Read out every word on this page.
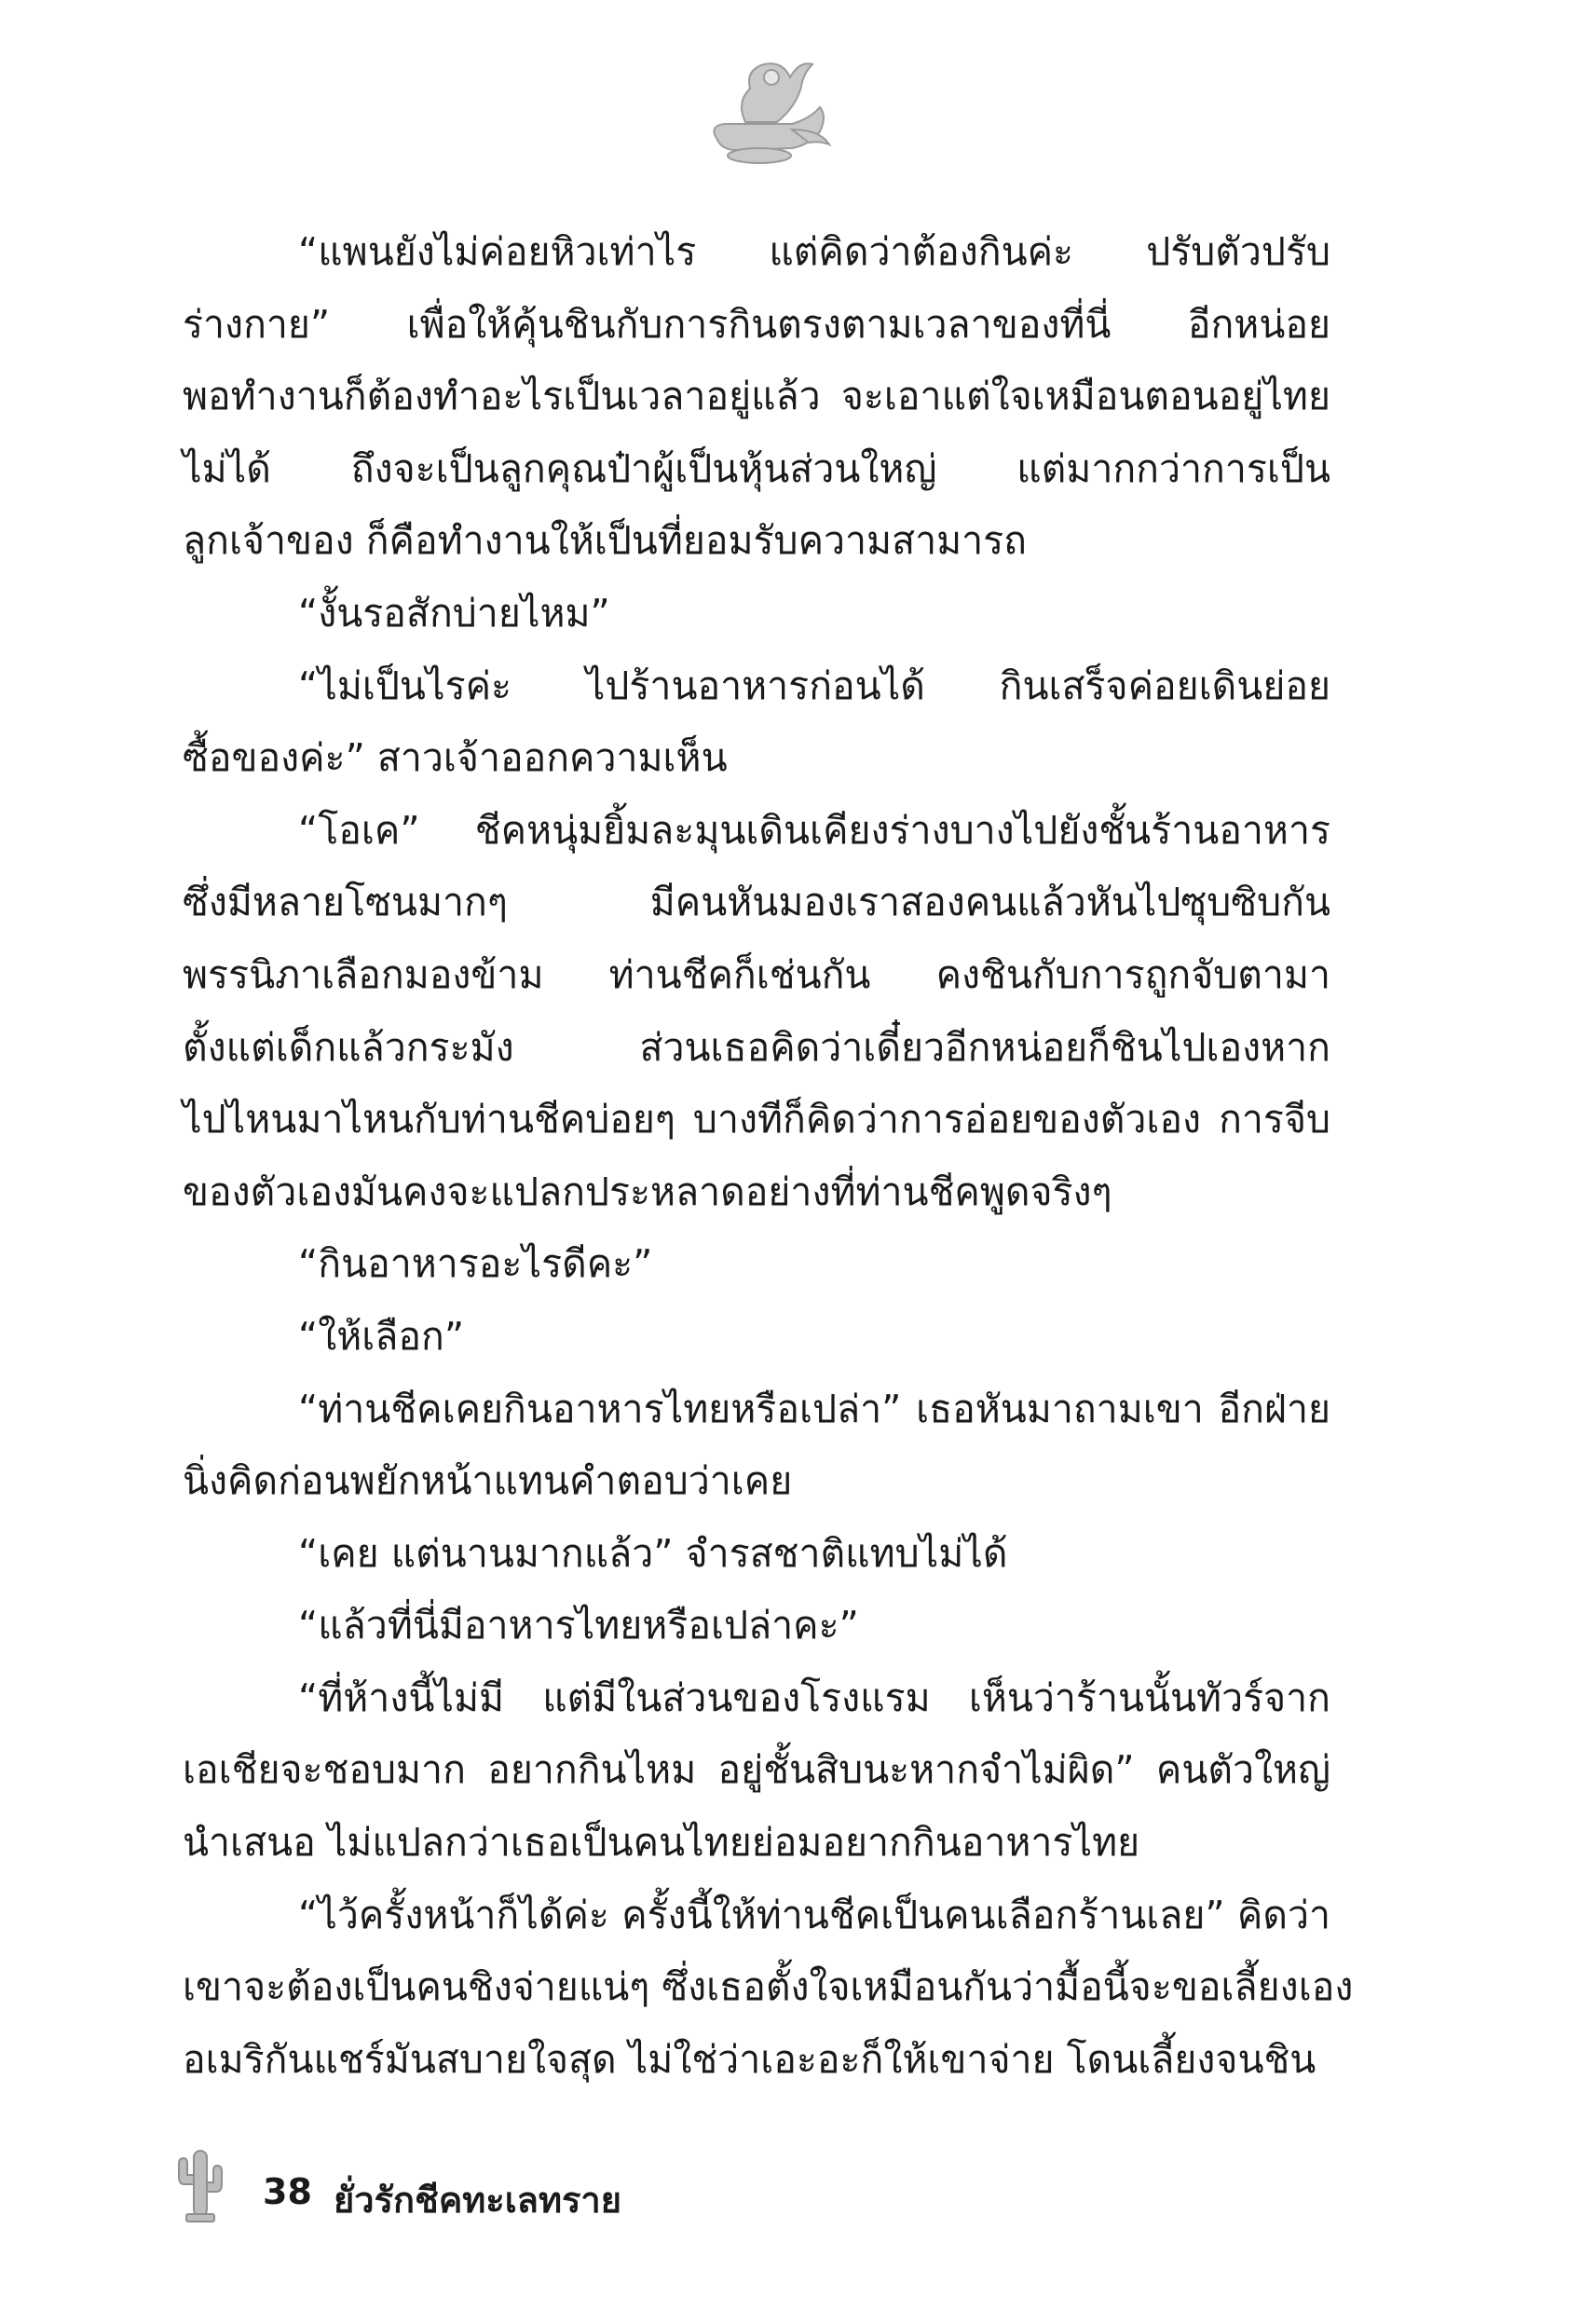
“แพนยังไม่ค่อยหิวเท่าไร แต่คิดว่าต้องกินค่ะ ปรับตัวปรับ
ร่างกาย” เพื่อให้คุ้นชินกับการกินตรงตามเวลาของที่นี่ อีกหน่อย
พอทำงานก็ต้องทำอะไรเป็นเวลาอยู่แล้ว จะเอาแต่ใจเหมือนตอนอยู่ไทย
ไม่ได้ ถึงจะเป็นลูกคุณป๋าผู้เป็นหุ้นส่วนใหญ่ แต่มากกว่าการเป็น
ลูกเจ้าของ ก็คือทำงานให้เป็นที่ยอมรับความสามารถ
“งั้นรอสักบ่ายไหม”
“ไม่เป็นไรค่ะ ไปร้านอาหารก่อนได้ กินเสร็จค่อยเดินย่อย
ซื้อของค่ะ” สาวเจ้าออกความเห็น
“โอเค” ชีคหนุ่มยิ้มละมุนเดินเคียงร่างบางไปยังชั้นร้านอาหาร
ซึ่งมีหลายโซนมากๆ มีคนหันมองเราสองคนแล้วหันไปซุบซิบกัน
พรรนิภาเลือกมองข้าม ท่านชีคก็เช่นกัน คงชินกับการถูกจับตามา
ตั้งแต่เด็กแล้วกระมัง ส่วนเธอคิดว่าเดี๋ยวอีกหน่อยก็ชินไปเองหาก
ไปไหนมาไหนกับท่านชีคบ่อยๆ บางทีก็คิดว่าการอ่อยของตัวเอง การจีบ
ของตัวเองมันคงจะแปลกประหลาดอย่างที่ท่านชีคพูดจริงๆ
“กินอาหารอะไรดีคะ”
“ให้เลือก”
“ท่านชีคเคยกินอาหารไทยหรือเปล่า” เธอหันมาถามเขา อีกฝ่าย
นิ่งคิดก่อนพยักหน้าแทนคำตอบว่าเคย
“เคย แต่นานมากแล้ว” จำรสชาติแทบไม่ได้
“แล้วที่นี่มีอาหารไทยหรือเปล่าคะ”
“ที่ห้างนี้ไม่มี แต่มีในส่วนของโรงแรม เห็นว่าร้านนั้นทัวร์จาก
เอเชียจะชอบมาก อยากกินไหม อยู่ชั้นสิบนะหากจำไม่ผิด” คนตัวใหญ่
นำเสนอ ไม่แปลกว่าเธอเป็นคนไทยย่อมอยากกินอาหารไทย
“ไว้ครั้งหน้าก็ได้ค่ะ ครั้งนี้ให้ท่านชีคเป็นคนเลือกร้านเลย” คิดว่า
เขาจะต้องเป็นคนชิงจ่ายแน่ๆ ซึ่งเธอตั้งใจเหมือนกันว่ามื้อนี้จะขอเลี้ยงเอง
อเมริกันแชร์มันสบายใจสุด ไม่ใช่ว่าเอะอะก็ให้เขาจ่าย โดนเลี้ยงจนชิน
38 ยั่วรักชีคทะเลทราย
